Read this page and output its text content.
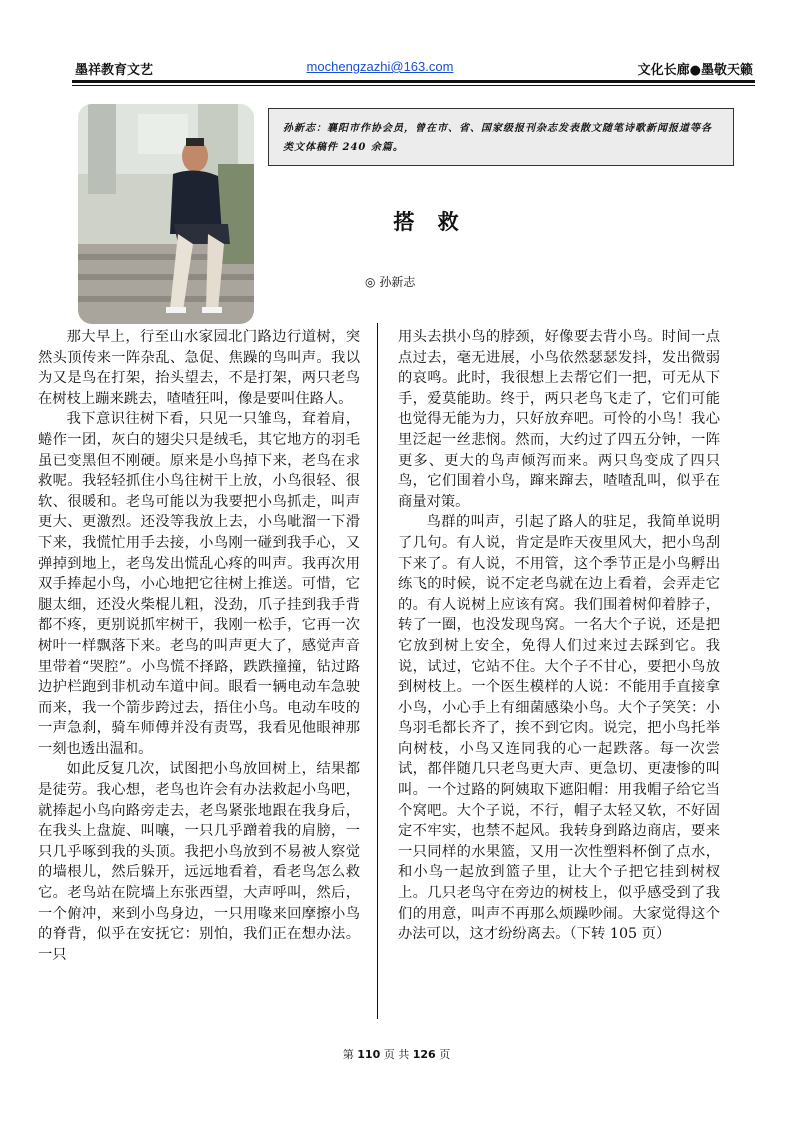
墨祥教育文艺	mochengzazhi@163.com	文化长廊●墨敬天籁
孙新志：襄阳市作协会员，曾在市、省、国家级报刊杂志发表散文随笔诗歌新闻报道等各类文体稿件 240 余篇。
搭 救
◎ 孙新志

那大早上，行至山水家园北门路边行道树，突然头顶传来一阵杂乱、急促、焦躁的鸟叫声。我以为又是鸟在打架，抬头望去，不是打架，两只老鸟在树枝上蹦来跳去，喳喳狂叫，像是要叫住路人。

我下意识往树下看，只见一只雏鸟，耷着肩，蜷作一团，灰白的翅尖只是绒毛，其它地方的羽毛虽已变黑但不刚硬。原来是小鸟掉下来，老鸟在求救呢。我轻轻抓住小鸟往树干上放，小鸟很轻、很软、很暖和。老鸟可能以为我要把小鸟抓走，叫声更大、更激烈。还没等我放上去，小鸟呲溜一下滑下来，我慌忙用手去接，小鸟刚一碰到我手心，又弹掉到地上，老鸟发出慌乱心疼的叫声。我再次用双手捧起小鸟，小心地把它往树上推送。可惜，它腿太细，还没火柴棍儿粗，没劲，爪子挂到我手背都不疼，更别说抓牢树干，我刚一松手，它再一次树叶一样飘落下来。老鸟的叫声更大了，感觉声音里带着“哭腔”。小鸟慌不择路，跌跌撞撞，钻过路边护栏跑到非机动车道中间。眼看一辆电动车急驶而来，我一个箭步跨过去，捂住小鸟。电动车吱的一声急刹，骑车师傅并没有责骂，我看见他眼神那一刻也透出温和。

如此反复几次，试图把小鸟放回树上，结果都是徒劳。我心想，老鸟也许会有办法救起小鸟吧，就捧起小鸟向路旁走去，老鸟紧张地跟在我身后，在我头上盘旋、叫嚷，一只几乎蹭着我的肩膀，一只几乎啄到我的头顶。我把小鸟放到不易被人察觉的墙根儿，然后躲开，远远地看着，看老鸟怎么救它。老鸟站在院墙上东张西望，大声呼叫，然后，一个俯冲，来到小鸟身边，一只用喙来回摩擦小鸟的脊背，似乎在安抚它：别怕，我们正在想办法。一只

用头去拱小鸟的脖颈，好像要去背小鸟。时间一点点过去，毫无进展，小鸟依然瑟瑟发抖，发出微弱的哀鸣。此时，我很想上去帮它们一把，可无从下手，爱莫能助。终于，两只老鸟飞走了，它们可能也觉得无能为力，只好放弃吧。可怜的小鸟！我心里泛起一丝悲悯。然而，大约过了四五分钟，一阵更多、更大的鸟声倾泻而来。两只鸟变成了四只鸟，它们围着小鸟，蹿来蹿去，喳喳乱叫，似乎在商量对策。

鸟群的叫声，引起了路人的驻足，我简单说明了几句。有人说，肯定是昨天夜里风大，把小鸟刮下来了。有人说，不用管，这个季节正是小鸟孵出练飞的时候，说不定老鸟就在边上看着，会弄走它的。有人说树上应该有窝。我们围着树仰着脖子，转了一圈，也没发现鸟窝。一名大个子说，还是把它放到树上安全，免得人们过来过去踩到它。我说，试过，它站不住。大个子不甘心，要把小鸟放到树枝上。一个医生模样的人说：不能用手直接拿小鸟，小心手上有细菌感染小鸟。大个子笑笑：小鸟羽毛都长齐了，挨不到它肉。说完，把小鸟托举向树枝，小鸟又连同我的心一起跌落。每一次尝试，都伴随几只老鸟更大声、更急切、更凄惨的叫叫。一个过路的阿姨取下遮阳帽：用我帽子给它当个窝吧。大个子说，不行，帽子太轻又软，不好固定不牢实，也禁不起风。我转身到路边商店，要来一只同样的水果篮，又用一次性塑料杯倒了点水，和小鸟一起放到篮子里，让大个子把它挂到树杈上。几只老鸟守在旁边的树枝上，似乎感受到了我们的用意，叫声不再那么烦躁吵闹。大家觉得这个办法可以，这才纷纷离去。（下转 105 页）

第 110 页 共 126 页
